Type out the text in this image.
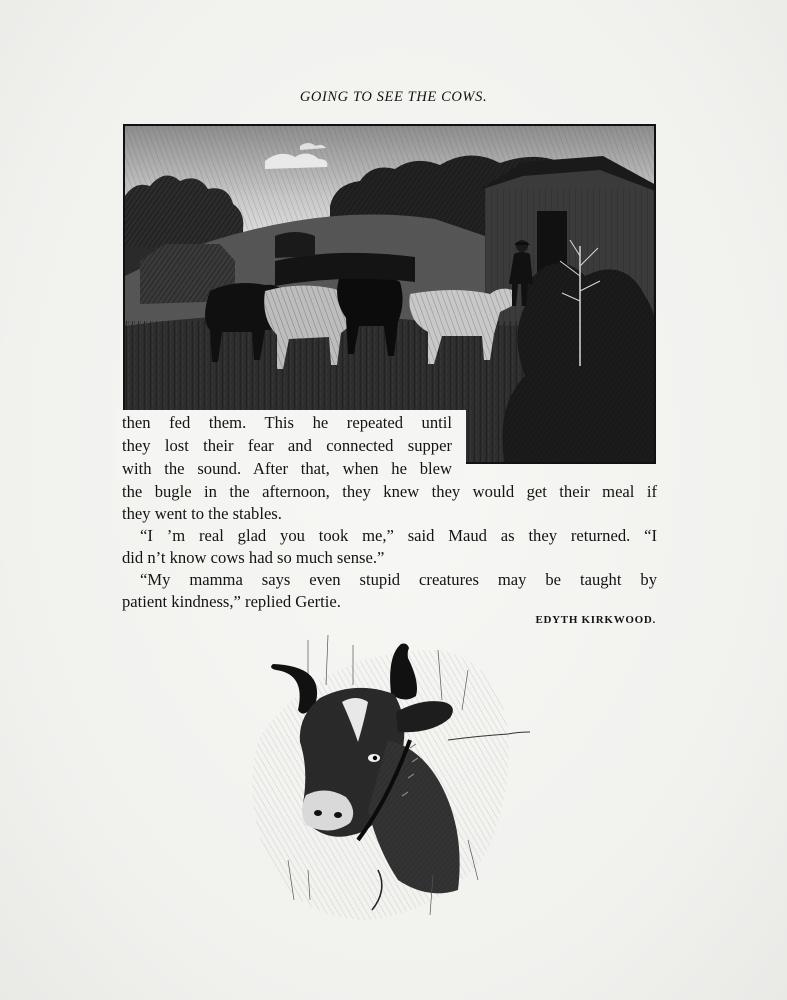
GOING TO SEE THE COWS.
then fed them. This he repeated until
they lost their fear and connected supper
with the sound. After that, when he blew
the bugle in the afternoon, they knew they would get their meal if
they went to the stables.
“I ’m real glad you took me,” said Maud as they returned. “I
did n’t know cows had so much sense.”
“My mamma says even stupid creatures may be taught by
patient kindness,” replied Gertie.
EDYTH KIRKWOOD.
